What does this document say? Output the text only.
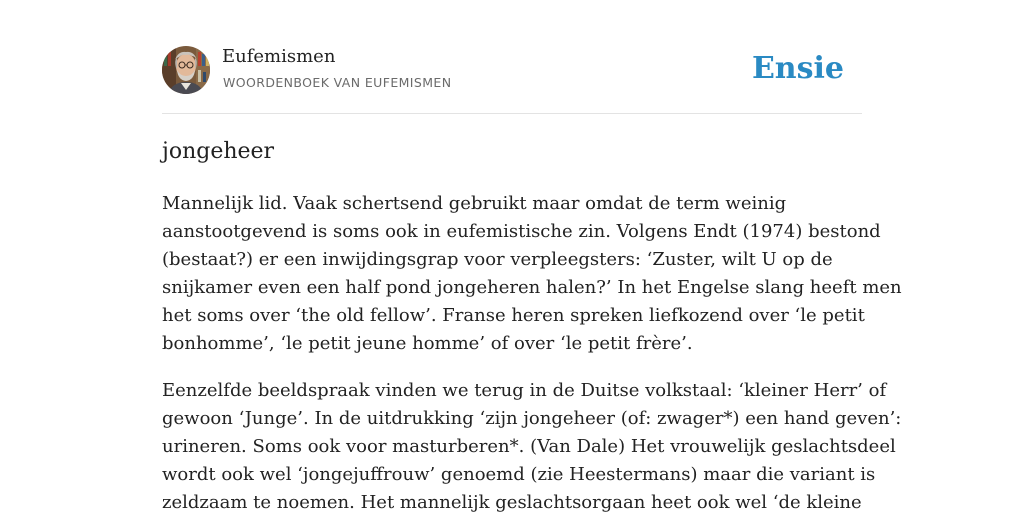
Eufemismen
WOORDENBOEK VAN EUFEMISMEN	Ensie
jongeheer

Mannelijk lid. Vaak schertsend gebruikt maar omdat de term weinig
aanstootgevend is soms ook in eufemistische zin. Volgens Endt (1974) bestond
(bestaat?) er een inwijdingsgrap voor verpleegsters: ‘Zuster, wilt U op de
snijkamer even een half pond jongeheren halen?’ In het Engelse slang heeft men
het soms over ‘the old fellow’. Franse heren spreken liefkozend over ‘le petit
bonhomme’, ‘le petit jeune homme’ of over ‘le petit frère’.

Eenzelfde beeldspraak vinden we terug in de Duitse volkstaal: ‘kleiner Herr’ of
gewoon ‘Junge’. In de uitdrukking ‘zijn jongeheer (of: zwager*) een hand geven’:
urineren. Soms ook voor masturberen*. (Van Dale) Het vrouwelijk geslachtsdeel
wordt ook wel ‘jongejuffrouw’ genoemd (zie Heestermans) maar die variant is
zeldzaam te noemen. Het mannelijk geslachtsorgaan heet ook wel ‘de kleine
